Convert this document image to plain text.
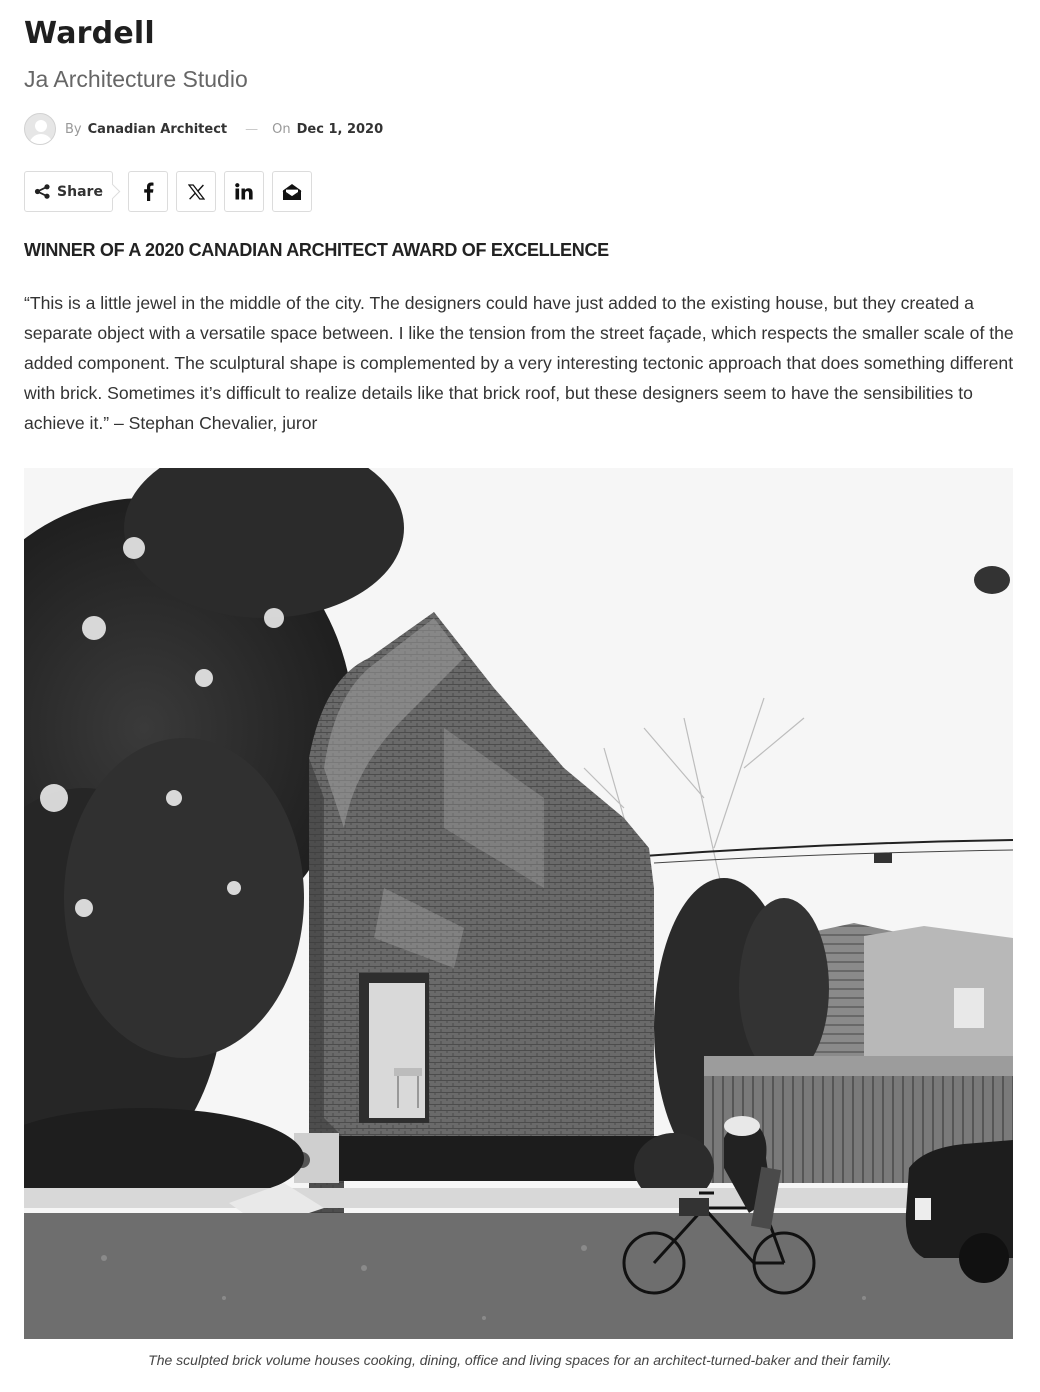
Wardell
Ja Architecture Studio
By Canadian Architect — On Dec 1, 2020
Share
WINNER OF A 2020 CANADIAN ARCHITECT AWARD OF EXCELLENCE

“This is a little jewel in the middle of the city. The designers could have just added to the existing house, but they created a separate object with a versatile space between. I like the tension from the street façade, which respects the smaller scale of the added component. The sculptural shape is complemented by a very interesting tectonic approach that does something different with brick. Sometimes it’s difficult to realize details like that brick roof, but these designers seem to have the sensibilities to achieve it.” – Stephan Chevalier, juror

The sculpted brick volume houses cooking, dining, office and living spaces for an architect-turned-baker and their family.
